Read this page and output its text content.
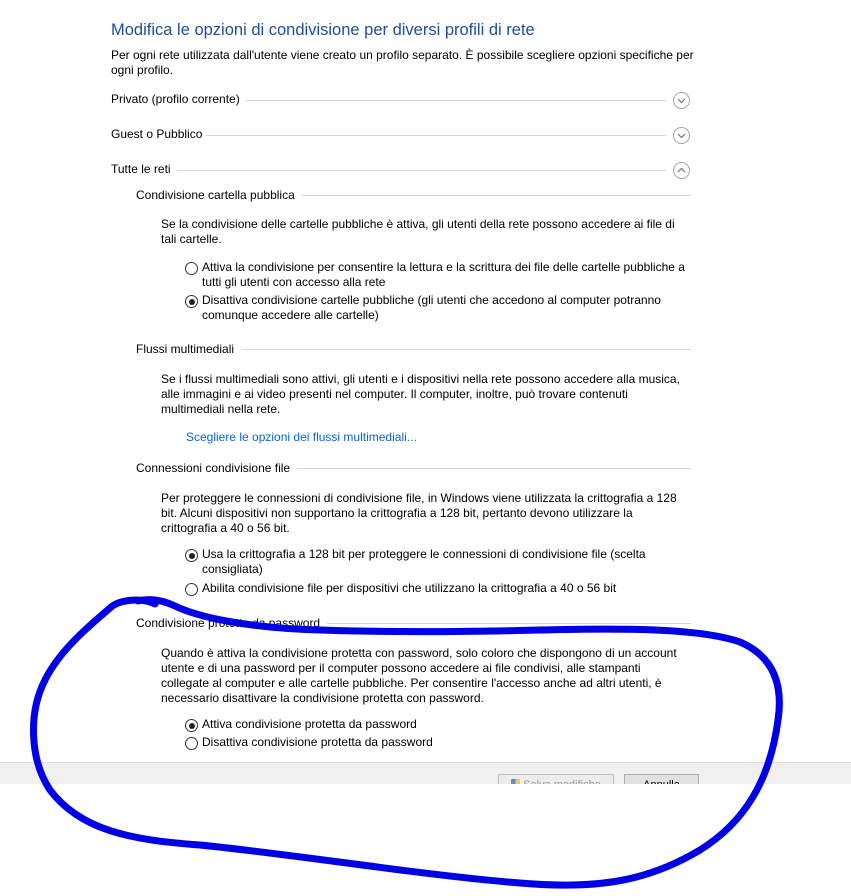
Modifica le opzioni di condivisione per diversi profili di rete
Per ogni rete utilizzata dall'utente viene creato un profilo separato. È possibile scegliere opzioni specifiche per ogni profilo.
Privato (profilo corrente)
Guest o Pubblico
Tutte le reti
Condivisione cartella pubblica
Se la condivisione delle cartelle pubbliche è attiva, gli utenti della rete possono accedere ai file di tali cartelle.
Attiva la condivisione per consentire la lettura e la scrittura dei file delle cartelle pubbliche a tutti gli utenti con accesso alla rete
Disattiva condivisione cartelle pubbliche (gli utenti che accedono al computer potranno comunque accedere alle cartelle)
Flussi multimediali
Se i flussi multimediali sono attivi, gli utenti e i dispositivi nella rete possono accedere alla musica, alle immagini e ai video presenti nel computer. Il computer, inoltre, può trovare contenuti multimediali nella rete.
Scegliere le opzioni dei flussi multimediali...
Connessioni condivisione file
Per proteggere le connessioni di condivisione file, in Windows viene utilizzata la crittografia a 128 bit. Alcuni dispositivi non supportano la crittografia a 128 bit, pertanto devono utilizzare la crittografia a 40 o 56 bit.
Usa la crittografia a 128 bit per proteggere le connessioni di condivisione file (scelta consigliata)
Abilita condivisione file per dispositivi che utilizzano la crittografia a 40 o 56 bit
Condivisione protetta da password
Quando è attiva la condivisione protetta con password, solo coloro che dispongono di un account utente e di una password per il computer possono accedere ai file condivisi, alle stampanti collegate al computer e alle cartelle pubbliche. Per consentire l'accesso anche ad altri utenti, è necessario disattivare la condivisione protetta con password.
Attiva condivisione protetta da password
Disattiva condivisione protetta da password
